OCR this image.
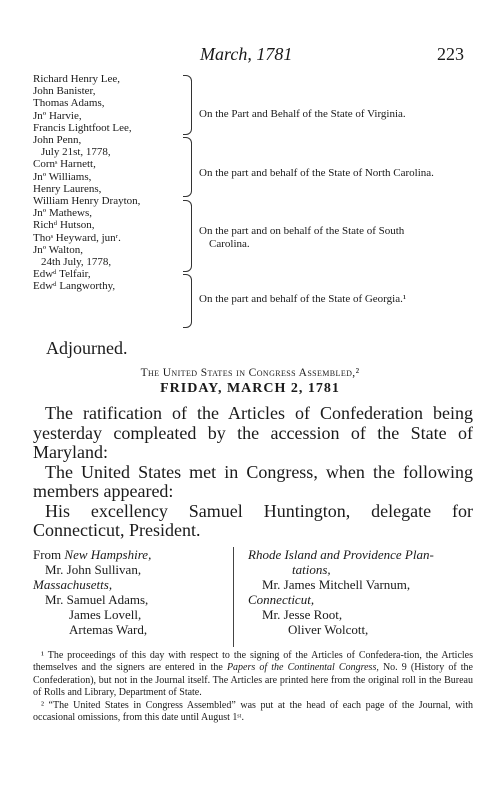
March, 1781	223
Richard Henry Lee,
John Banister,
Thomas Adams,
Jnº Harvie,
Francis Lightfoot Lee,
John Penn,
July 21st, 1778,
Cornˢ Harnett,
Jnº Williams,
Henry Laurens,
William Henry Drayton,
Jnº Mathews,
Richᵈ Hutson,
Thoˢ Heyward, junʳ.
Jnº Walton,
24th July, 1778,
Edwᵈ Telfair,
Edwᵈ Langworthy,
On the Part and Behalf of the State of Virginia.
On the part and behalf of the State of North Carolina.
On the part and on behalf of the State of South
Carolina.
On the part and behalf of the State of Georgia.¹
Adjourned.
The United States in Congress Assembled,²
FRIDAY, MARCH 2, 1781

The ratification of the Articles of Confederation being yesterday compleated by the accession of the State of Maryland:

The United States met in Congress, when the following members appeared:

His excellency Samuel Huntington, delegate for Connecticut, President.

From New Hampshire,
Mr. John Sullivan,
Massachusetts,
Mr. Samuel Adams,
James Lovell,
Artemas Ward,
Rhode Island and Providence Plan-
tations,
Mr. James Mitchell Varnum,
Connecticut,
Mr. Jesse Root,
Oliver Wolcott,

¹ The proceedings of this day with respect to the signing of the Articles of Confedera-tion, the Articles themselves and the signers are entered in the Papers of the Continental Congress, No. 9 (History of the Confederation), but not in the Journal itself. The Articles are printed here from the original roll in the Bureau of Rolls and Library, Department of State.

² “The United States in Congress Assembled” was put at the head of each page of the Journal, with occasional omissions, from this date until August 1ˢᵗ.
